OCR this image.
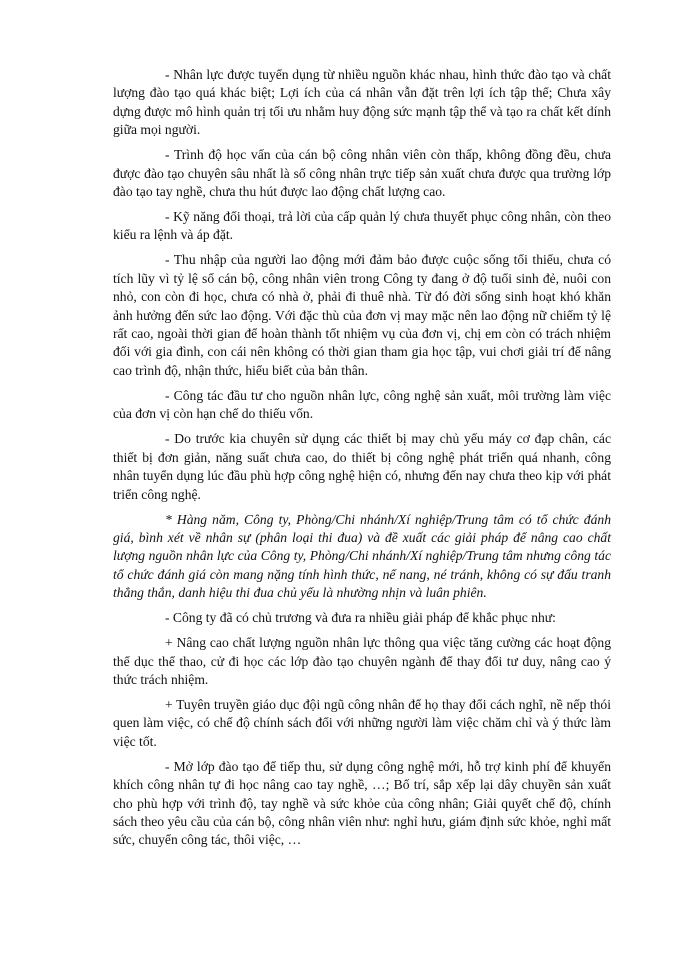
- Nhân lực được tuyển dụng từ nhiều nguồn khác nhau, hình thức đào tạo và chất lượng đào tạo quá khác biệt; Lợi ích của cá nhân vẫn đặt trên lợi ích tập thể; Chưa xây dựng được mô hình quản trị tối ưu nhằm huy động sức mạnh tập thể và tạo ra chất kết dính giữa mọi người.

- Trình độ học vấn của cán bộ công nhân viên còn thấp, không đồng đều, chưa được đào tạo chuyên sâu nhất là số công nhân trực tiếp sản xuất chưa được qua trường lớp đào tạo tay nghề, chưa thu hút được lao động chất lượng cao.

- Kỹ năng đối thoại, trả lời của cấp quản lý chưa thuyết phục công nhân, còn theo kiểu ra lệnh và áp đặt.

- Thu nhập của người lao động mới đảm bảo được cuộc sống tối thiểu, chưa có tích lũy vì tỷ lệ số cán bộ, công nhân viên trong Công ty đang ở độ tuổi sinh đẻ, nuôi con nhỏ, con còn đi học, chưa có nhà ở, phải đi thuê nhà. Từ đó đời sống sinh hoạt khó khăn ảnh hưởng đến sức lao động. Với đặc thù của đơn vị may mặc nên lao động nữ chiếm tỷ lệ rất cao, ngoài thời gian để hoàn thành tốt nhiệm vụ của đơn vị, chị em còn có trách nhiệm đối với gia đình, con cái nên không có thời gian tham gia học tập, vui chơi giải trí để nâng cao trình độ, nhận thức, hiểu biết của bản thân.

- Công tác đầu tư cho nguồn nhân lực, công nghệ sản xuất, môi trường làm việc của đơn vị còn hạn chế do thiếu vốn.

- Do trước kia chuyên sử dụng các thiết bị may chủ yếu máy cơ đạp chân, các thiết bị đơn giản, năng suất chưa cao, do thiết bị công nghệ phát triển quá nhanh, công nhân tuyển dụng lúc đầu phù hợp công nghệ hiện có, nhưng đến nay chưa theo kịp với phát triển công nghệ.

* Hàng năm, Công ty, Phòng/Chi nhánh/Xí nghiệp/Trung tâm có tổ chức đánh giá, bình xét về nhân sự (phân loại thi đua) và đề xuất các giải pháp để nâng cao chất lượng nguồn nhân lực của Công ty, Phòng/Chi nhánh/Xí nghiệp/Trung tâm nhưng công tác tổ chức đánh giá còn mang nặng tính hình thức, nể nang, né tránh, không có sự đấu tranh thẳng thắn, danh hiệu thi đua chủ yếu là nhường nhịn và luân phiên.

- Công ty đã có chủ trương và đưa ra nhiều giải pháp để khắc phục như:

+ Nâng cao chất lượng nguồn nhân lực thông qua việc tăng cường các hoạt động thể dục thể thao, cử đi học các lớp đào tạo chuyên ngành để thay đổi tư duy, nâng cao ý thức trách nhiệm.

+ Tuyên truyền giáo dục đội ngũ công nhân để họ thay đổi cách nghĩ, nề nếp thói quen làm việc, có chế độ chính sách đối với những người làm việc chăm chỉ và ý thức làm việc tốt.

- Mở lớp đào tạo để tiếp thu, sử dụng công nghệ mới, hỗ trợ kinh phí để khuyến khích công nhân tự đi học nâng cao tay nghề, …; Bố trí, sắp xếp lại dây chuyền sản xuất cho phù hợp với trình độ, tay nghề và sức khỏe của công nhân; Giải quyết chế độ, chính sách theo yêu cầu của cán bộ, công nhân viên như: nghỉ hưu, giám định sức khỏe, nghỉ mất sức, chuyển công tác, thôi việc, …
